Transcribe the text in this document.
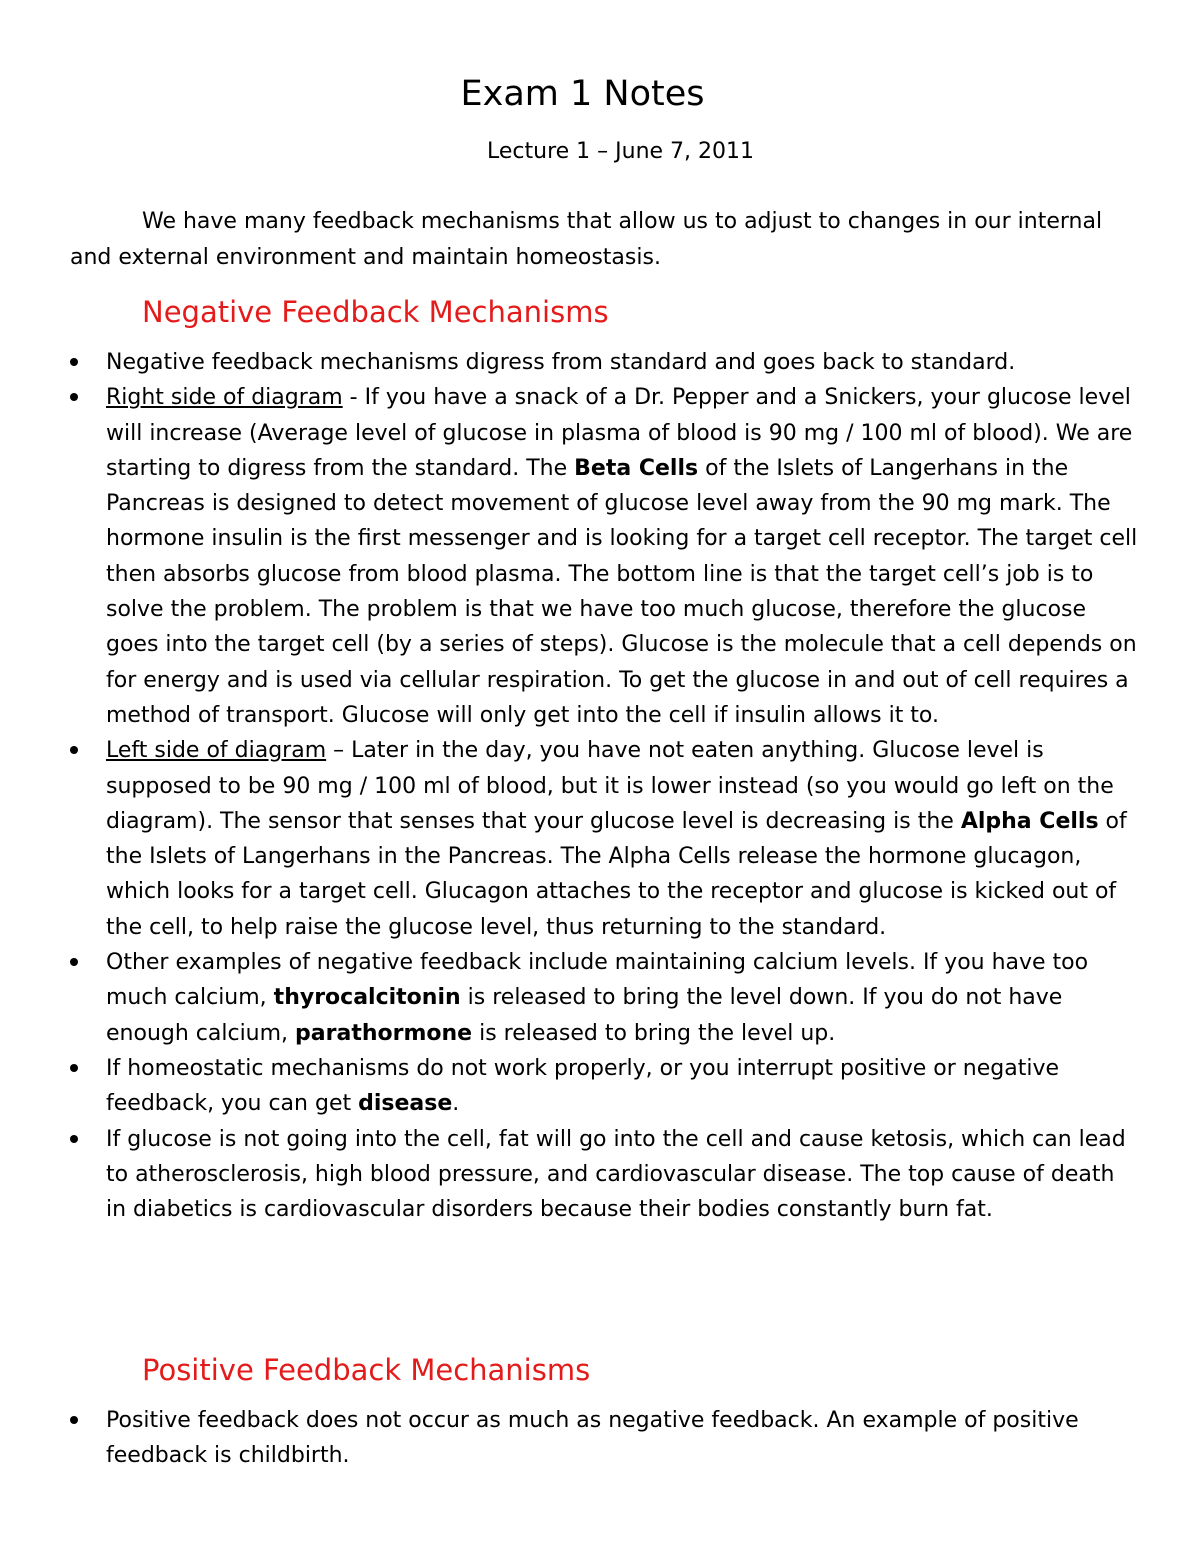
Exam 1 Notes
Lecture 1 – June 7, 2011

We have many feedback mechanisms that allow us to adjust to changes in our internal and external environment and maintain homeostasis.

Negative Feedback Mechanisms
Negative feedback mechanisms digress from standard and goes back to standard.
Right side of diagram - If you have a snack of a Dr. Pepper and a Snickers, your glucose level will increase (Average level of glucose in plasma of blood is 90 mg / 100 ml of blood). We are starting to digress from the standard. The Beta Cells of the Islets of Langerhans in the Pancreas is designed to detect movement of glucose level away from the 90 mg mark. The hormone insulin is the first messenger and is looking for a target cell receptor. The target cell then absorbs glucose from blood plasma. The bottom line is that the target cell’s job is to solve the problem. The problem is that we have too much glucose, therefore the glucose goes into the target cell (by a series of steps). Glucose is the molecule that a cell depends on for energy and is used via cellular respiration. To get the glucose in and out of cell requires a method of transport. Glucose will only get into the cell if insulin allows it to.
Left side of diagram – Later in the day, you have not eaten anything. Glucose level is supposed to be 90 mg / 100 ml of blood, but it is lower instead (so you would go left on the diagram). The sensor that senses that your glucose level is decreasing is the Alpha Cells of the Islets of Langerhans in the Pancreas. The Alpha Cells release the hormone glucagon, which looks for a target cell. Glucagon attaches to the receptor and glucose is kicked out of the cell, to help raise the glucose level, thus returning to the standard.
Other examples of negative feedback include maintaining calcium levels. If you have too much calcium, thyrocalcitonin is released to bring the level down. If you do not have enough calcium, parathormone is released to bring the level up.
If homeostatic mechanisms do not work properly, or you interrupt positive or negative feedback, you can get disease.
If glucose is not going into the cell, fat will go into the cell and cause ketosis, which can lead to atherosclerosis, high blood pressure, and cardiovascular disease. The top cause of death in diabetics is cardiovascular disorders because their bodies constantly burn fat.
Positive Feedback Mechanisms
Positive feedback does not occur as much as negative feedback. An example of positive feedback is childbirth.
